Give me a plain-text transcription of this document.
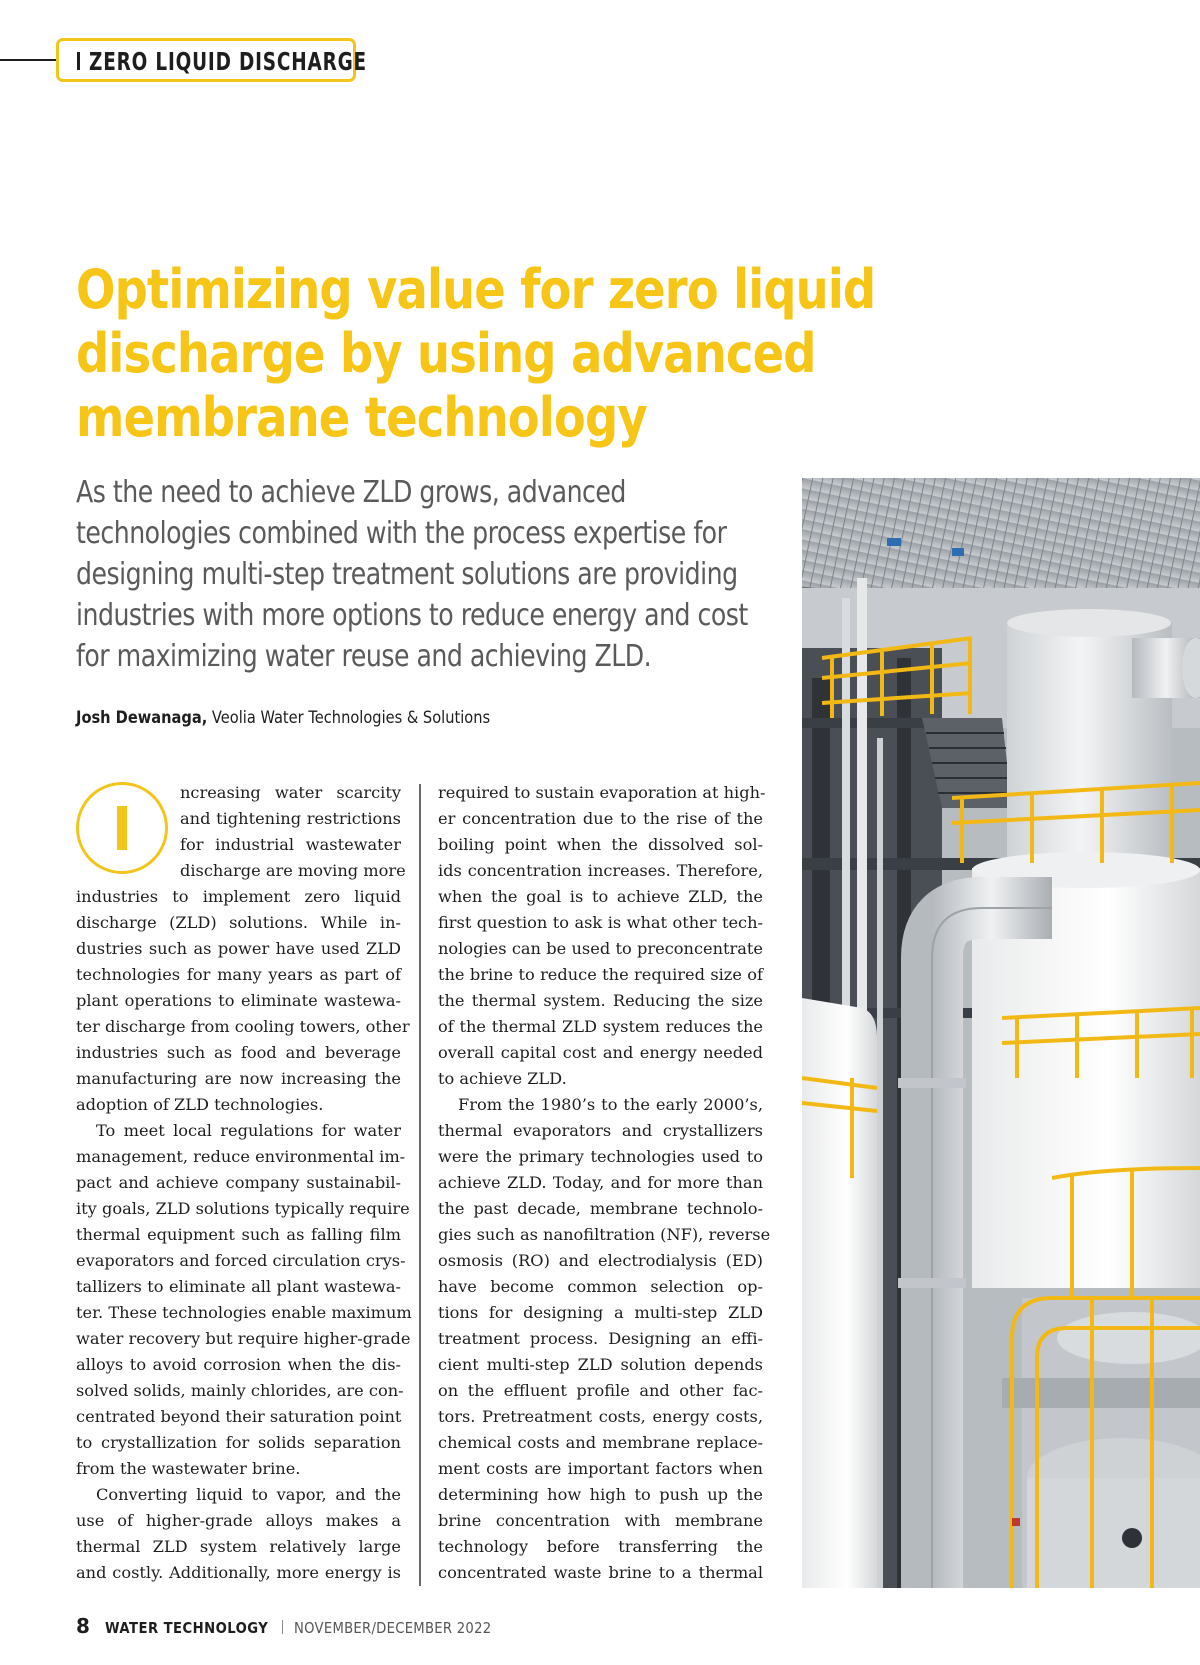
ZERO LIQUID DISCHARGE
Optimizing value for zero liquid
discharge by using advanced
membrane technology
As the need to achieve ZLD grows, advanced
technologies combined with the process expertise for
designing multi-step treatment solutions are providing
industries with more options to reduce energy and cost
for maximizing water reuse and achieving ZLD.
Josh Dewanaga, Veolia Water Technologies & Solutions

ncreasing water scarcity
and tightening restrictions
for industrial wastewater
discharge are moving more

industries to implement zero liquid
discharge (ZLD) solutions. While in-
dustries such as power have used ZLD
technologies for many years as part of
plant operations to eliminate wastewa-
ter discharge from cooling towers, other
industries such as food and beverage
manufacturing are now increasing the
adoption of ZLD technologies.

To meet local regulations for water
management, reduce environmental im-
pact and achieve company sustainabil-
ity goals, ZLD solutions typically require
thermal equipment such as falling film
evaporators and forced circulation crys-
tallizers to eliminate all plant wastewa-
ter. These technologies enable maximum
water recovery but require higher-grade
alloys to avoid corrosion when the dis-
solved solids, mainly chlorides, are con-
centrated beyond their saturation point
to crystallization for solids separation
from the wastewater brine.

Converting liquid to vapor, and the
use of higher-grade alloys makes a
thermal ZLD system relatively large
and costly. Additionally, more energy is

required to sustain evaporation at high-
er concentration due to the rise of the
boiling point when the dissolved sol-
ids concentration increases. Therefore,
when the goal is to achieve ZLD, the
first question to ask is what other tech-
nologies can be used to preconcentrate
the brine to reduce the required size of
the thermal system. Reducing the size
of the thermal ZLD system reduces the
overall capital cost and energy needed
to achieve ZLD.

From the 1980’s to the early 2000’s,
thermal evaporators and crystallizers
were the primary technologies used to
achieve ZLD. Today, and for more than
the past decade, membrane technolo-
gies such as nanofiltration (NF), reverse
osmosis (RO) and electrodialysis (ED)
have become common selection op-
tions for designing a multi-step ZLD
treatment process. Designing an effi-
cient multi-step ZLD solution depends
on the effluent profile and other fac-
tors. Pretreatment costs, energy costs,
chemical costs and membrane replace-
ment costs are important factors when
determining how high to push up the
brine concentration with membrane
technology before transferring the
concentrated waste brine to a thermal

8 WATER TECHNOLOGY NOVEMBER/DECEMBER 2022
